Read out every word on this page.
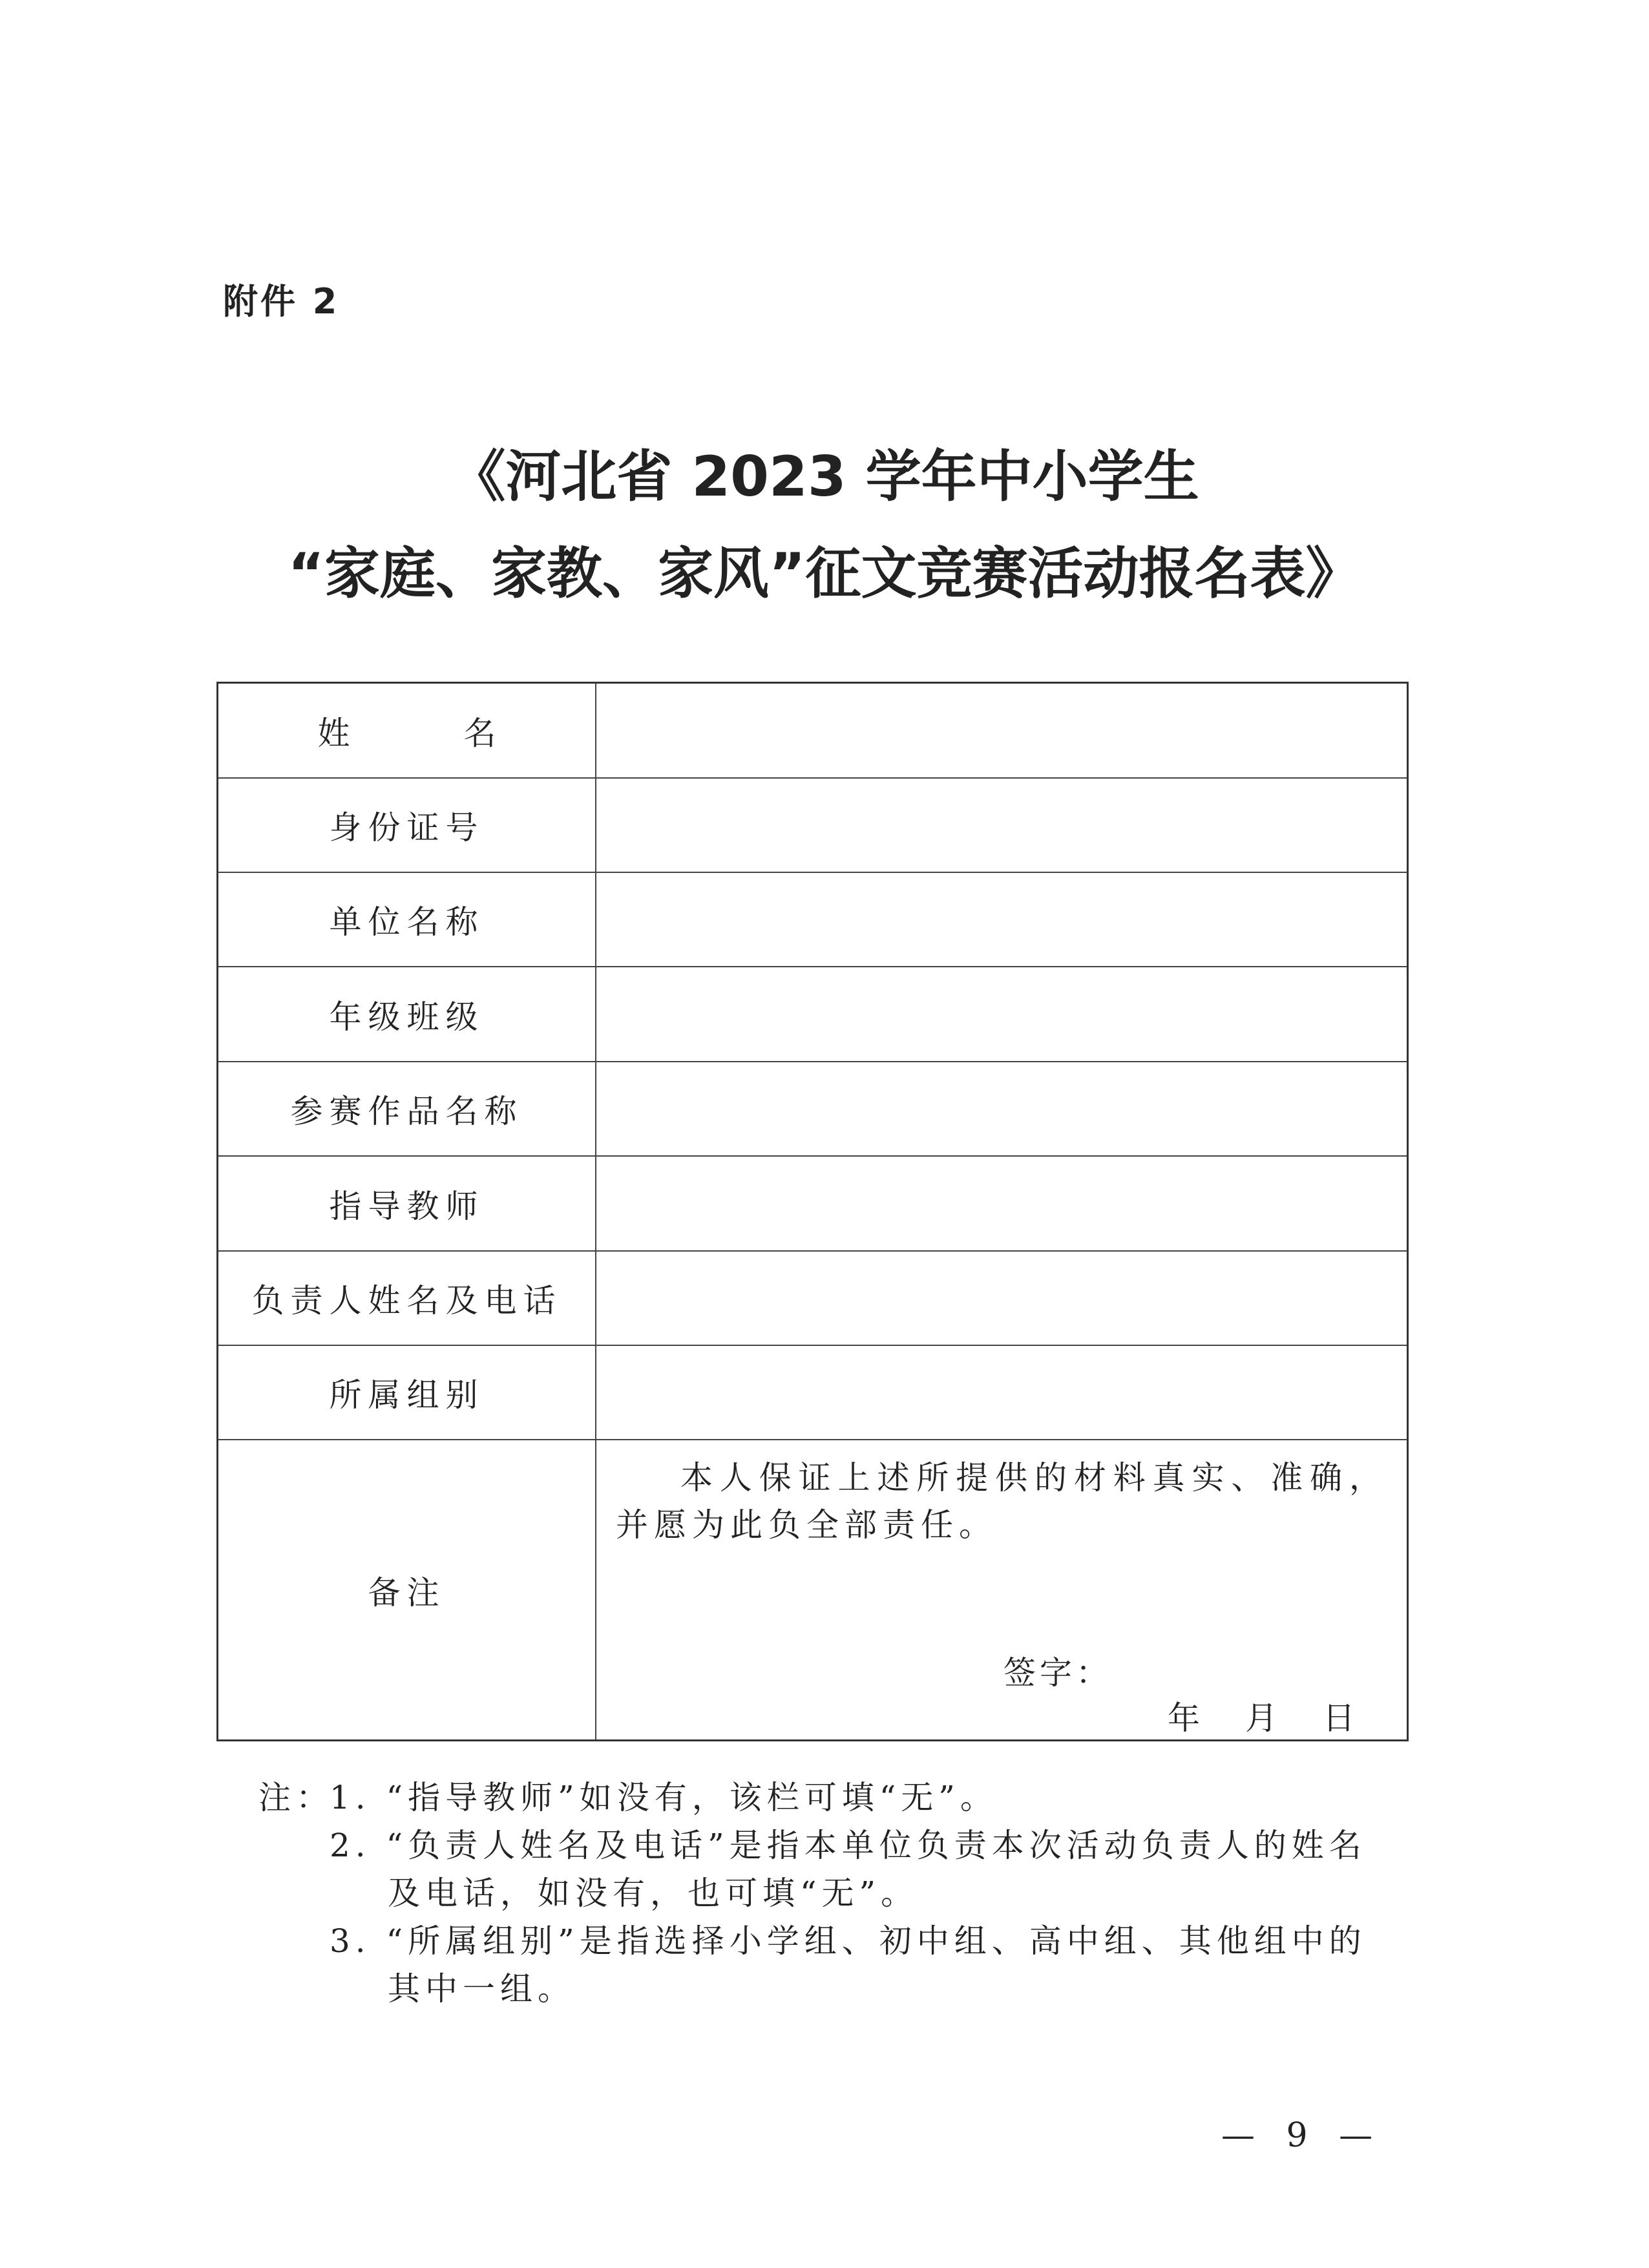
附件 2
《河北省 2023 学年中小学生
“家庭、家教、家风”征文竞赛活动报名表》
姓 名
身份证号
单位名称
年级班级
参赛作品名称
指导教师
负责人姓名及电话
所属组别
备注
本人保证上述所提供的材料真实、准确，并愿为此负全部责任。
签字：
年 月 日
注：1. “指导教师”如没有，该栏可填“无”。
2. “负责人姓名及电话”是指本单位负责本次活动负责人的姓名
及电话，如没有，也可填“无”。
3. “所属组别”是指选择小学组、初中组、高中组、其他组中的
其中一组。
— 9 —
